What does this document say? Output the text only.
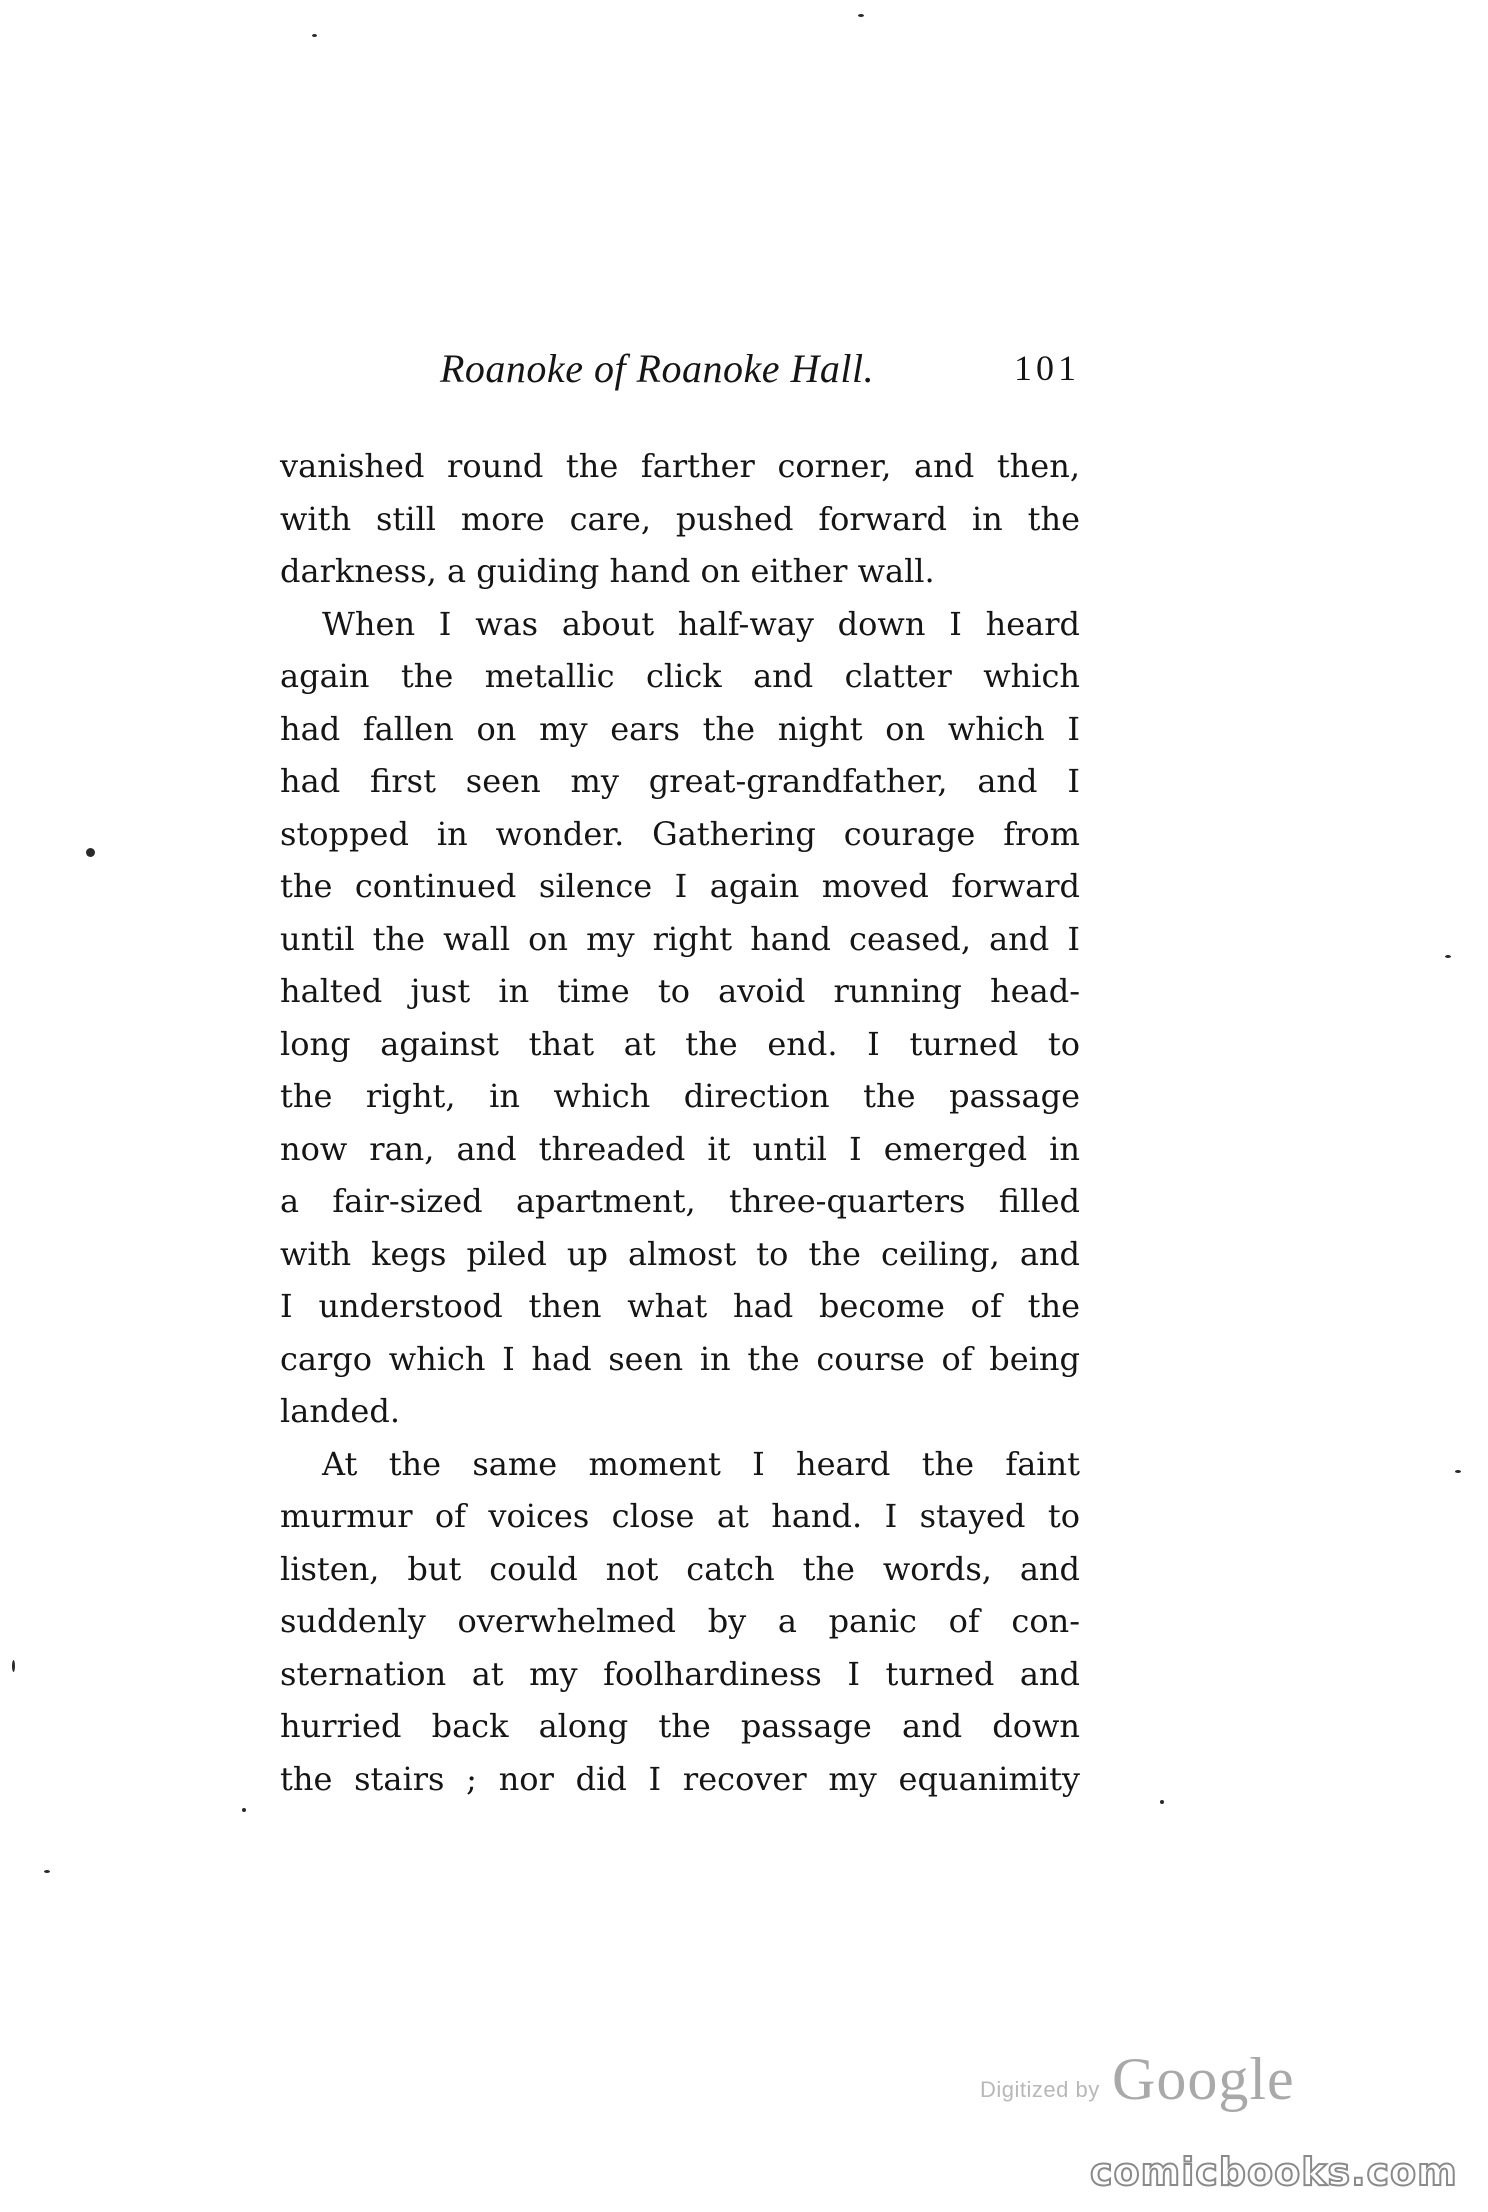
Roanoke of Roanoke Hall.	101
vanished round the farther corner, and then,
with still more care, pushed forward in the
darkness, a guiding hand on either wall.
When I was about half-way down I heard
again the metallic click and clatter which
had fallen on my ears the night on which I
had first seen my great-grandfather, and I
stopped in wonder. Gathering courage from
the continued silence I again moved forward
until the wall on my right hand ceased, and I
halted just in time to avoid running head-
long against that at the end. I turned to
the right, in which direction the passage
now ran, and threaded it until I emerged in
a fair-sized apartment, three-quarters filled
with kegs piled up almost to the ceiling, and
I understood then what had become of the
cargo which I had seen in the course of being
landed.
At the same moment I heard the faint
murmur of voices close at hand. I stayed to
listen, but could not catch the words, and
suddenly overwhelmed by a panic of con-
sternation at my foolhardiness I turned and
hurried back along the passage and down
the stairs ; nor did I recover my equanimity
Digitized by Google
comicbooks.com
